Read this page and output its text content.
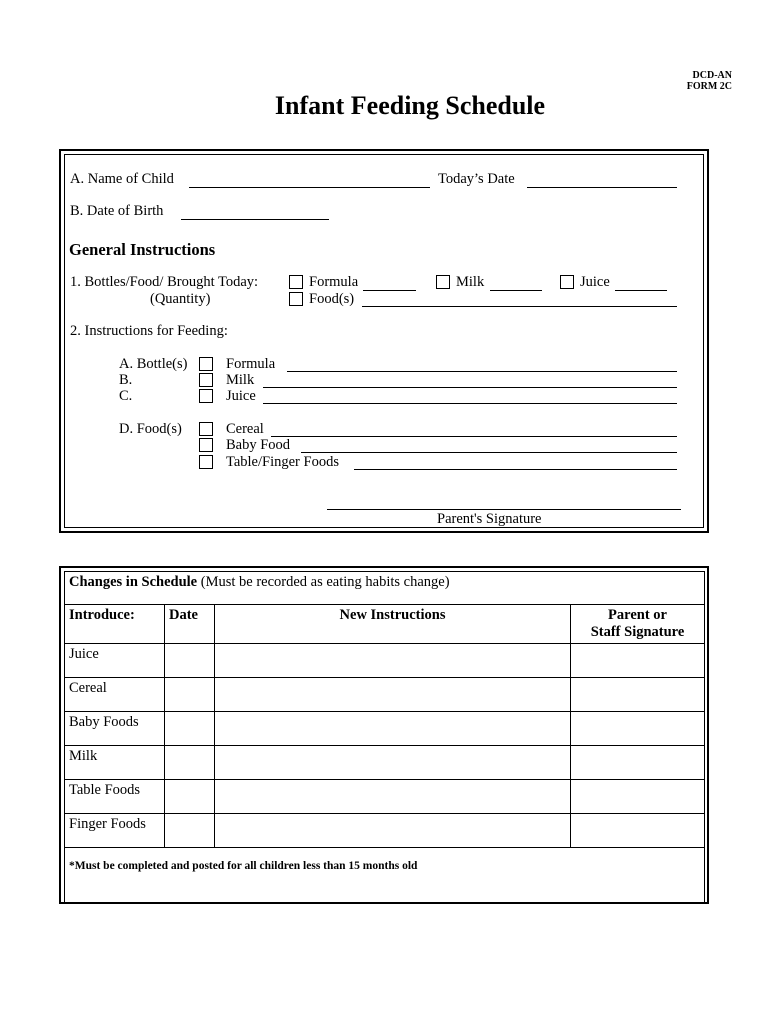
DCD-AN
FORM 2C
Infant Feeding Schedule
A. Name of Child	Today’s Date
B. Date of Birth
General Instructions
1. Bottles/Food/ Brought Today:
(Quantity)
Formula	Milk	Juice
Food(s)
2. Instructions for Feeding:
A. Bottle(s)	Formula
B.	Milk
C.	Juice
D. Food(s)	Cereal
Baby Food
Table/Finger Foods
Parent's Signature
Changes in Schedule (Must be recorded as eating habits change)			
Introduce:	Date	New Instructions	Parent or
Staff Signature

Juice			
Cereal			
Baby Foods			
Milk			
Table Foods			
Finger Foods			
*Must be completed and posted for all children less than 15 months old			
